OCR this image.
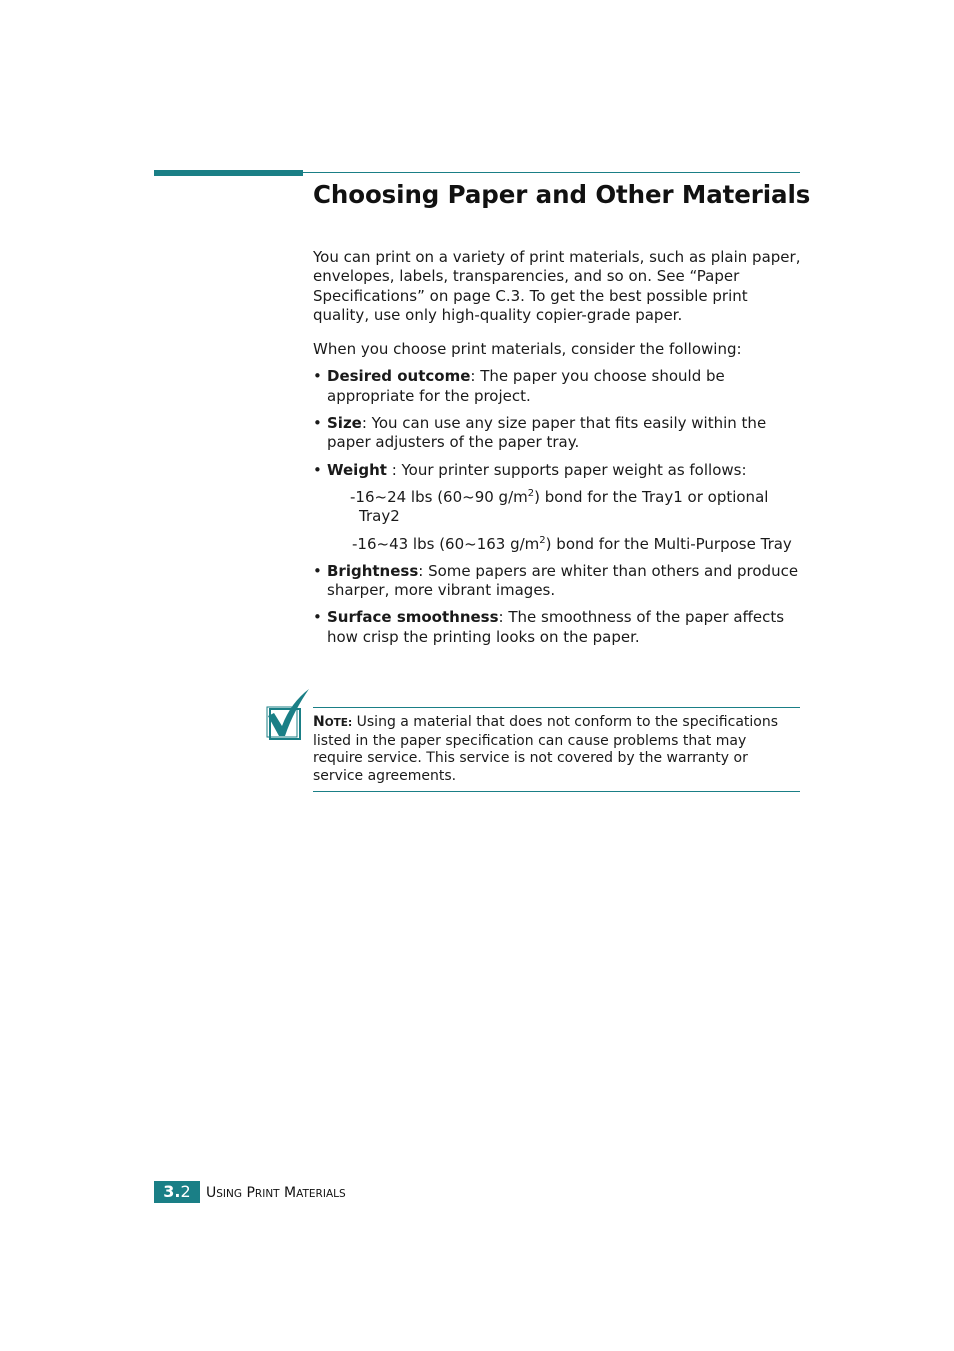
Choosing Paper and Other Materials

You can print on a variety of print materials, such as plain paper, envelopes, labels, transparencies, and so on. See “Paper Specifications” on page C.3. To get the best possible print quality, use only high-quality copier-grade paper.

When you choose print materials, consider the following:

• Desired outcome: The paper you choose should be appropriate for the project.
• Size: You can use any size paper that fits easily within the paper adjusters of the paper tray.
• Weight : Your printer supports paper weight as follows:
-16~24 lbs (60~90 $g/m^2$) bond for the Tray1 or optional Tray2
-16~43 lbs (60~163 $g/m^2$) bond for the Multi-Purpose Tray
• Brightness: Some papers are whiter than others and produce sharper, more vibrant images.
• Surface smoothness: The smoothness of the paper affects how crisp the printing looks on the paper.
NOTE: Using a material that does not conform to the specifications listed in the paper specification can cause problems that may require service. This service is not covered by the warranty or service agreements.
3.2	USING PRINT MATERIALS
